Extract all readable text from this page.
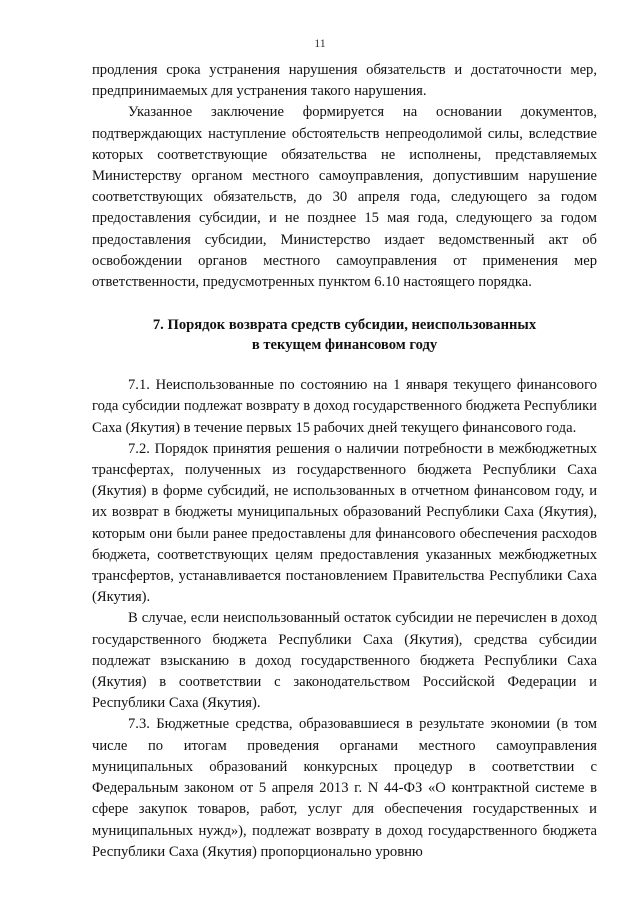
11

продления срока устранения нарушения обязательств и достаточности мер, предпринимаемых для устранения такого нарушения.

Указанное заключение формируется на основании документов, подтверждающих наступление обстоятельств непреодолимой силы, вследствие которых соответствующие обязательства не исполнены, представляемых Министерству органом местного самоуправления, допустившим нарушение соответствующих обязательств, до 30 апреля года, следующего за годом предоставления субсидии, и не позднее 15 мая года, следующего за годом предоставления субсидии, Министерство издает ведомственный акт об освобождении органов местного самоуправления от применения мер ответственности, предусмотренных пунктом 6.10 настоящего порядка.

7. Порядок возврата средств субсидии, неиспользованных
в текущем финансовом году

7.1. Неиспользованные по состоянию на 1 января текущего финансового года субсидии подлежат возврату в доход государственного бюджета Республики Саха (Якутия) в течение первых 15 рабочих дней текущего финансового года.

7.2. Порядок принятия решения о наличии потребности в межбюджетных трансфертах, полученных из государственного бюджета Республики Саха (Якутия) в форме субсидий, не использованных в отчетном финансовом году, и их возврат в бюджеты муниципальных образований Республики Саха (Якутия), которым они были ранее предоставлены для финансового обеспечения расходов бюджета, соответствующих целям предоставления указанных межбюджетных трансфертов, устанавливается постановлением Правительства Республики Саха (Якутия).

В случае, если неиспользованный остаток субсидии не перечислен в доход государственного бюджета Республики Саха (Якутия), средства субсидии подлежат взысканию в доход государственного бюджета Республики Саха (Якутия) в соответствии с законодательством Российской Федерации и Республики Саха (Якутия).

7.3. Бюджетные средства, образовавшиеся в результате экономии (в том числе по итогам проведения органами местного самоуправления муниципальных образований конкурсных процедур в соответствии с Федеральным законом от 5 апреля 2013 г. N 44-ФЗ «О контрактной системе в сфере закупок товаров, работ, услуг для обеспечения государственных и муниципальных нужд»), подлежат возврату в доход государственного бюджета Республики Саха (Якутия) пропорционально уровню
